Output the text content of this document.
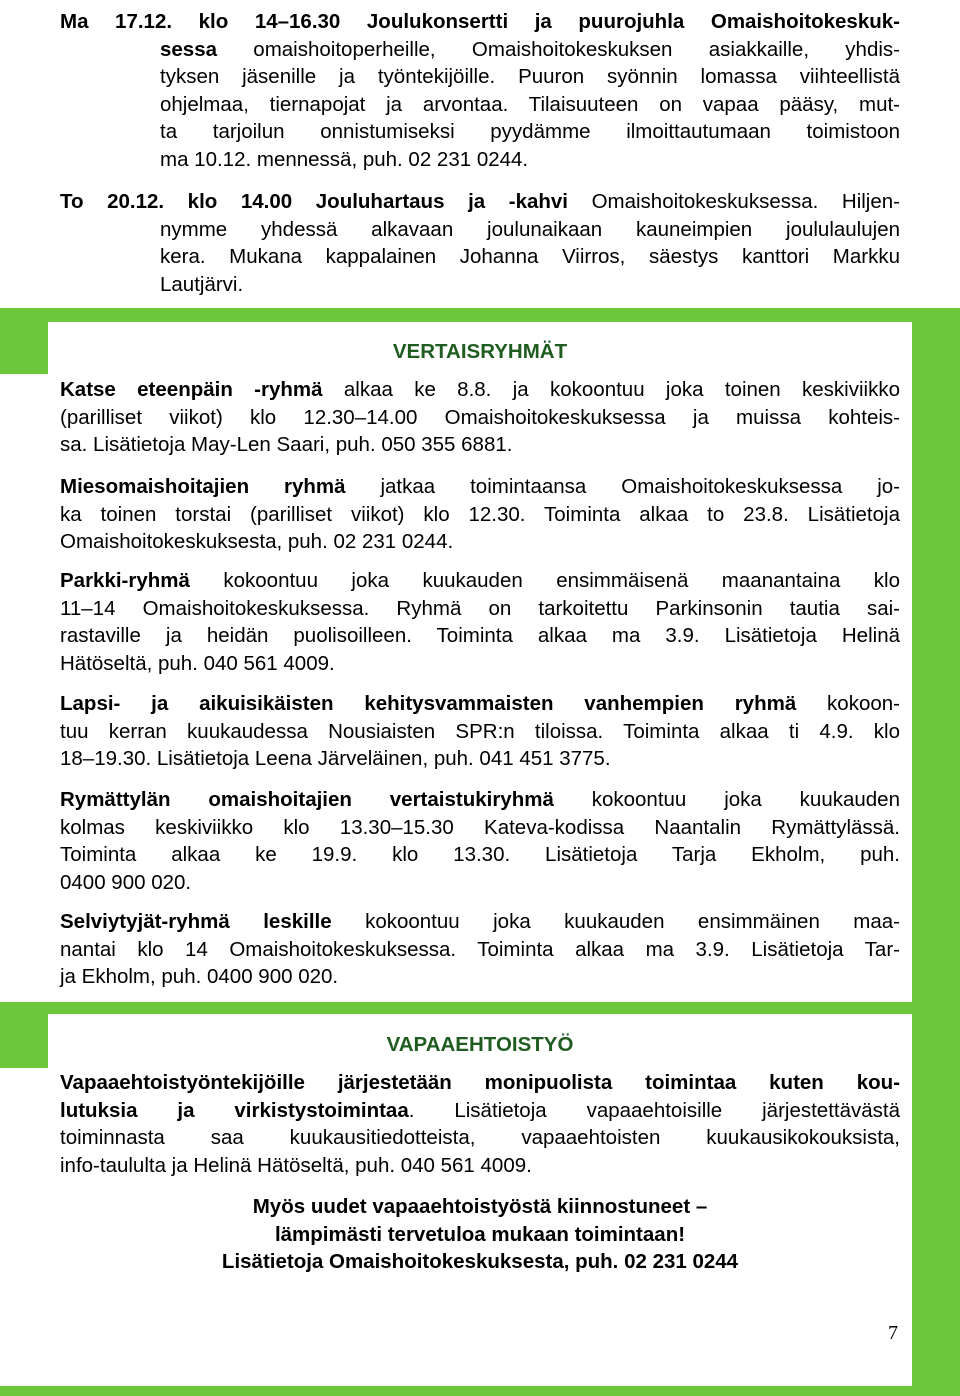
Ma 17.12. klo 14–16.30 Joulukonsertti ja puurojuhla Omaishoitokeskuk-
sessa omaishoitoperheille, Omaishoitokeskuksen asiakkaille, yhdis-
tyksen jäsenille ja työntekijöille. Puuron syönnin lomassa viihteellistä
ohjelmaa, tiernapojat ja arvontaa. Tilaisuuteen on vapaa pääsy, mut-
ta tarjoilun onnistumiseksi pyydämme ilmoittautumaan toimistoon
ma 10.12. mennessä, puh. 02 231 0244.
To 20.12. klo 14.00 Jouluhartaus ja -kahvi Omaishoitokeskuksessa. Hiljen-
nymme yhdessä alkavaan joulunaikaan kauneimpien joululaulujen
kera. Mukana kappalainen Johanna Viirros, säestys kanttori Markku
Lautjärvi.
VERTAISRYHMÄT
Katse eteenpäin -ryhmä alkaa ke 8.8. ja kokoontuu joka toinen keskiviikko
(parilliset viikot) klo 12.30–14.00 Omaishoitokeskuksessa ja muissa kohteis-
sa. Lisätietoja May-Len Saari, puh. 050 355 6881.
Miesomaishoitajien ryhmä jatkaa toimintaansa Omaishoitokeskuksessa jo-
ka toinen torstai (parilliset viikot) klo 12.30. Toiminta alkaa to 23.8. Lisätietoja
Omaishoitokeskuksesta, puh. 02 231 0244.
Parkki-ryhmä kokoontuu joka kuukauden ensimmäisenä maanantaina klo
11–14 Omaishoitokeskuksessa. Ryhmä on tarkoitettu Parkinsonin tautia sai-
rastaville ja heidän puolisoilleen. Toiminta alkaa ma 3.9. Lisätietoja Helinä
Hätöseltä, puh. 040 561 4009.
Lapsi- ja aikuisikäisten kehitysvammaisten vanhempien ryhmä kokoon-
tuu kerran kuukaudessa Nousiaisten SPR:n tiloissa. Toiminta alkaa ti 4.9. klo
18–19.30. Lisätietoja Leena Järveläinen, puh. 041 451 3775.
Rymättylän omaishoitajien vertaistukiryhmä kokoontuu joka kuukauden
kolmas keskiviikko klo 13.30–15.30 Kateva-kodissa Naantalin Rymättylässä.
Toiminta alkaa ke 19.9. klo 13.30. Lisätietoja Tarja Ekholm, puh.
0400 900 020.
Selviytyjät-ryhmä leskille kokoontuu joka kuukauden ensimmäinen maa-
nantai klo 14 Omaishoitokeskuksessa. Toiminta alkaa ma 3.9. Lisätietoja Tar-
ja Ekholm, puh. 0400 900 020.
VAPAAEHTOISTYÖ
Vapaaehtoistyöntekijöille järjestetään monipuolista toimintaa kuten kou-
lutuksia ja virkistystoimintaa. Lisätietoja vapaaehtoisille järjestettävästä
toiminnasta saa kuukausitiedotteista, vapaaehtoisten kuukausikokouksista,
info-taululta ja Helinä Hätöseltä, puh. 040 561 4009.
Myös uudet vapaaehtoistyöstä kiinnostuneet –
lämpimästi tervetuloa mukaan toimintaan!
Lisätietoja Omaishoitokeskuksesta, puh. 02 231 0244
7
